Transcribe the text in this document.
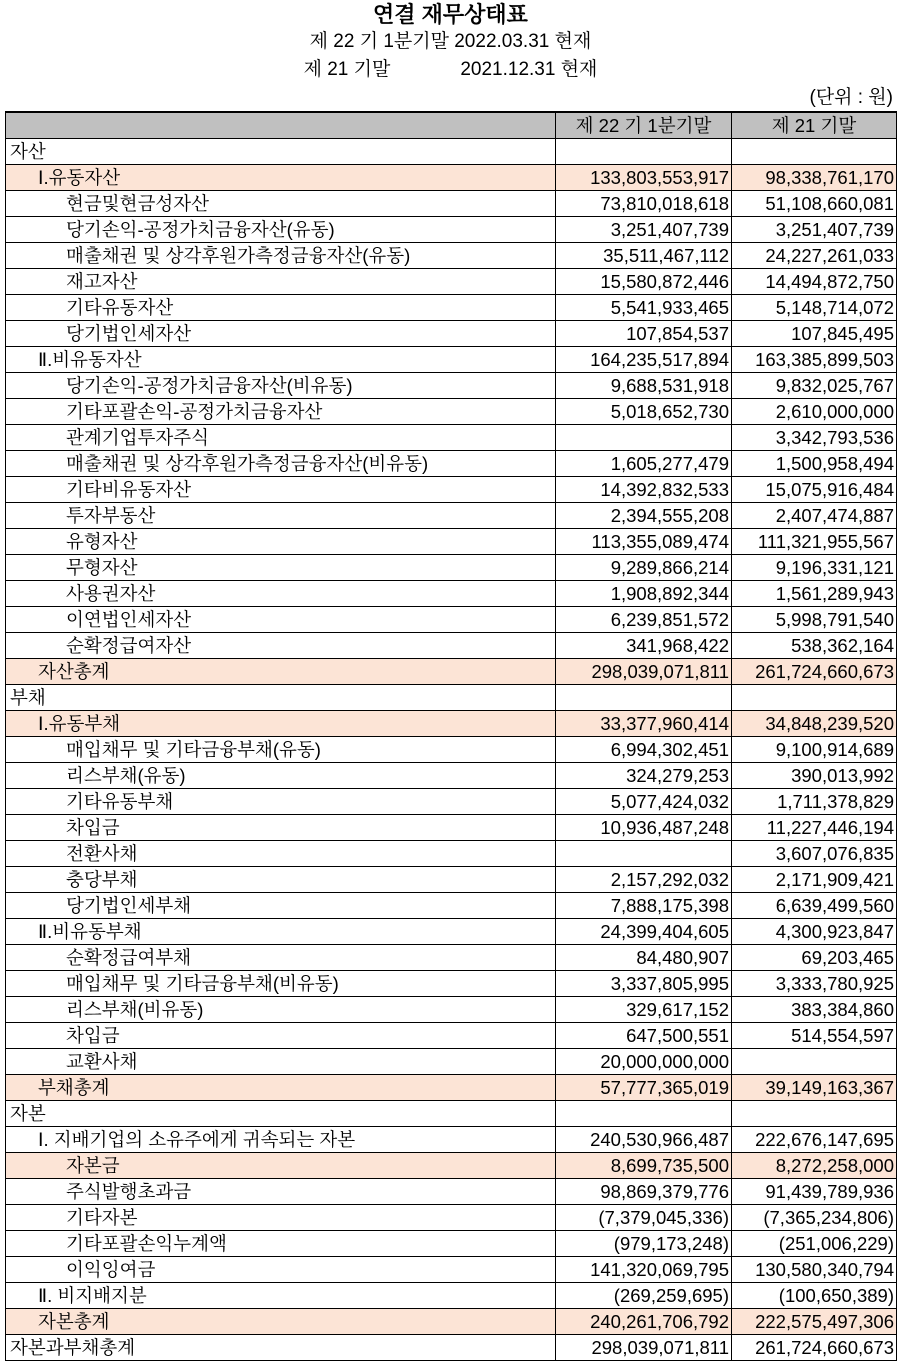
연결 재무상태표
제 22 기 1분기말 2022.03.31 현재
제 21 기말	2021.12.31 현재
(단위 : 원)
	제 22 기 1분기말	제 21 기말
자산		
Ⅰ.유동자산	133,803,553,917	98,338,761,170
현금및현금성자산	73,810,018,618	51,108,660,081
당기손익-공정가치금융자산(유동)	3,251,407,739	3,251,407,739
매출채권 및 상각후원가측정금융자산(유동)	35,511,467,112	24,227,261,033
재고자산	15,580,872,446	14,494,872,750
기타유동자산	5,541,933,465	5,148,714,072
당기법인세자산	107,854,537	107,845,495
Ⅱ.비유동자산	164,235,517,894	163,385,899,503
당기손익-공정가치금융자산(비유동)	9,688,531,918	9,832,025,767
기타포괄손익-공정가치금융자산	5,018,652,730	2,610,000,000
관계기업투자주식		3,342,793,536
매출채권 및 상각후원가측정금융자산(비유동)	1,605,277,479	1,500,958,494
기타비유동자산	14,392,832,533	15,075,916,484
투자부동산	2,394,555,208	2,407,474,887
유형자산	113,355,089,474	111,321,955,567
무형자산	9,289,866,214	9,196,331,121
사용권자산	1,908,892,344	1,561,289,943
이연법인세자산	6,239,851,572	5,998,791,540
순확정급여자산	341,968,422	538,362,164
자산총계	298,039,071,811	261,724,660,673
부채		
Ⅰ.유동부채	33,377,960,414	34,848,239,520
매입채무 및 기타금융부채(유동)	6,994,302,451	9,100,914,689
리스부채(유동)	324,279,253	390,013,992
기타유동부채	5,077,424,032	1,711,378,829
차입금	10,936,487,248	11,227,446,194
전환사채		3,607,076,835
충당부채	2,157,292,032	2,171,909,421
당기법인세부채	7,888,175,398	6,639,499,560
Ⅱ.비유동부채	24,399,404,605	4,300,923,847
순확정급여부채	84,480,907	69,203,465
매입채무 및 기타금융부채(비유동)	3,337,805,995	3,333,780,925
리스부채(비유동)	329,617,152	383,384,860
차입금	647,500,551	514,554,597
교환사채	20,000,000,000	
부채총계	57,777,365,019	39,149,163,367
자본		
Ⅰ. 지배기업의 소유주에게 귀속되는 자본	240,530,966,487	222,676,147,695
자본금	8,699,735,500	8,272,258,000
주식발행초과금	98,869,379,776	91,439,789,936
기타자본	(7,379,045,336)	(7,365,234,806)
기타포괄손익누계액	(979,173,248)	(251,006,229)
이익잉여금	141,320,069,795	130,580,340,794
Ⅱ. 비지배지분	(269,259,695)	(100,650,389)
자본총계	240,261,706,792	222,575,497,306
자본과부채총계	298,039,071,811	261,724,660,673
